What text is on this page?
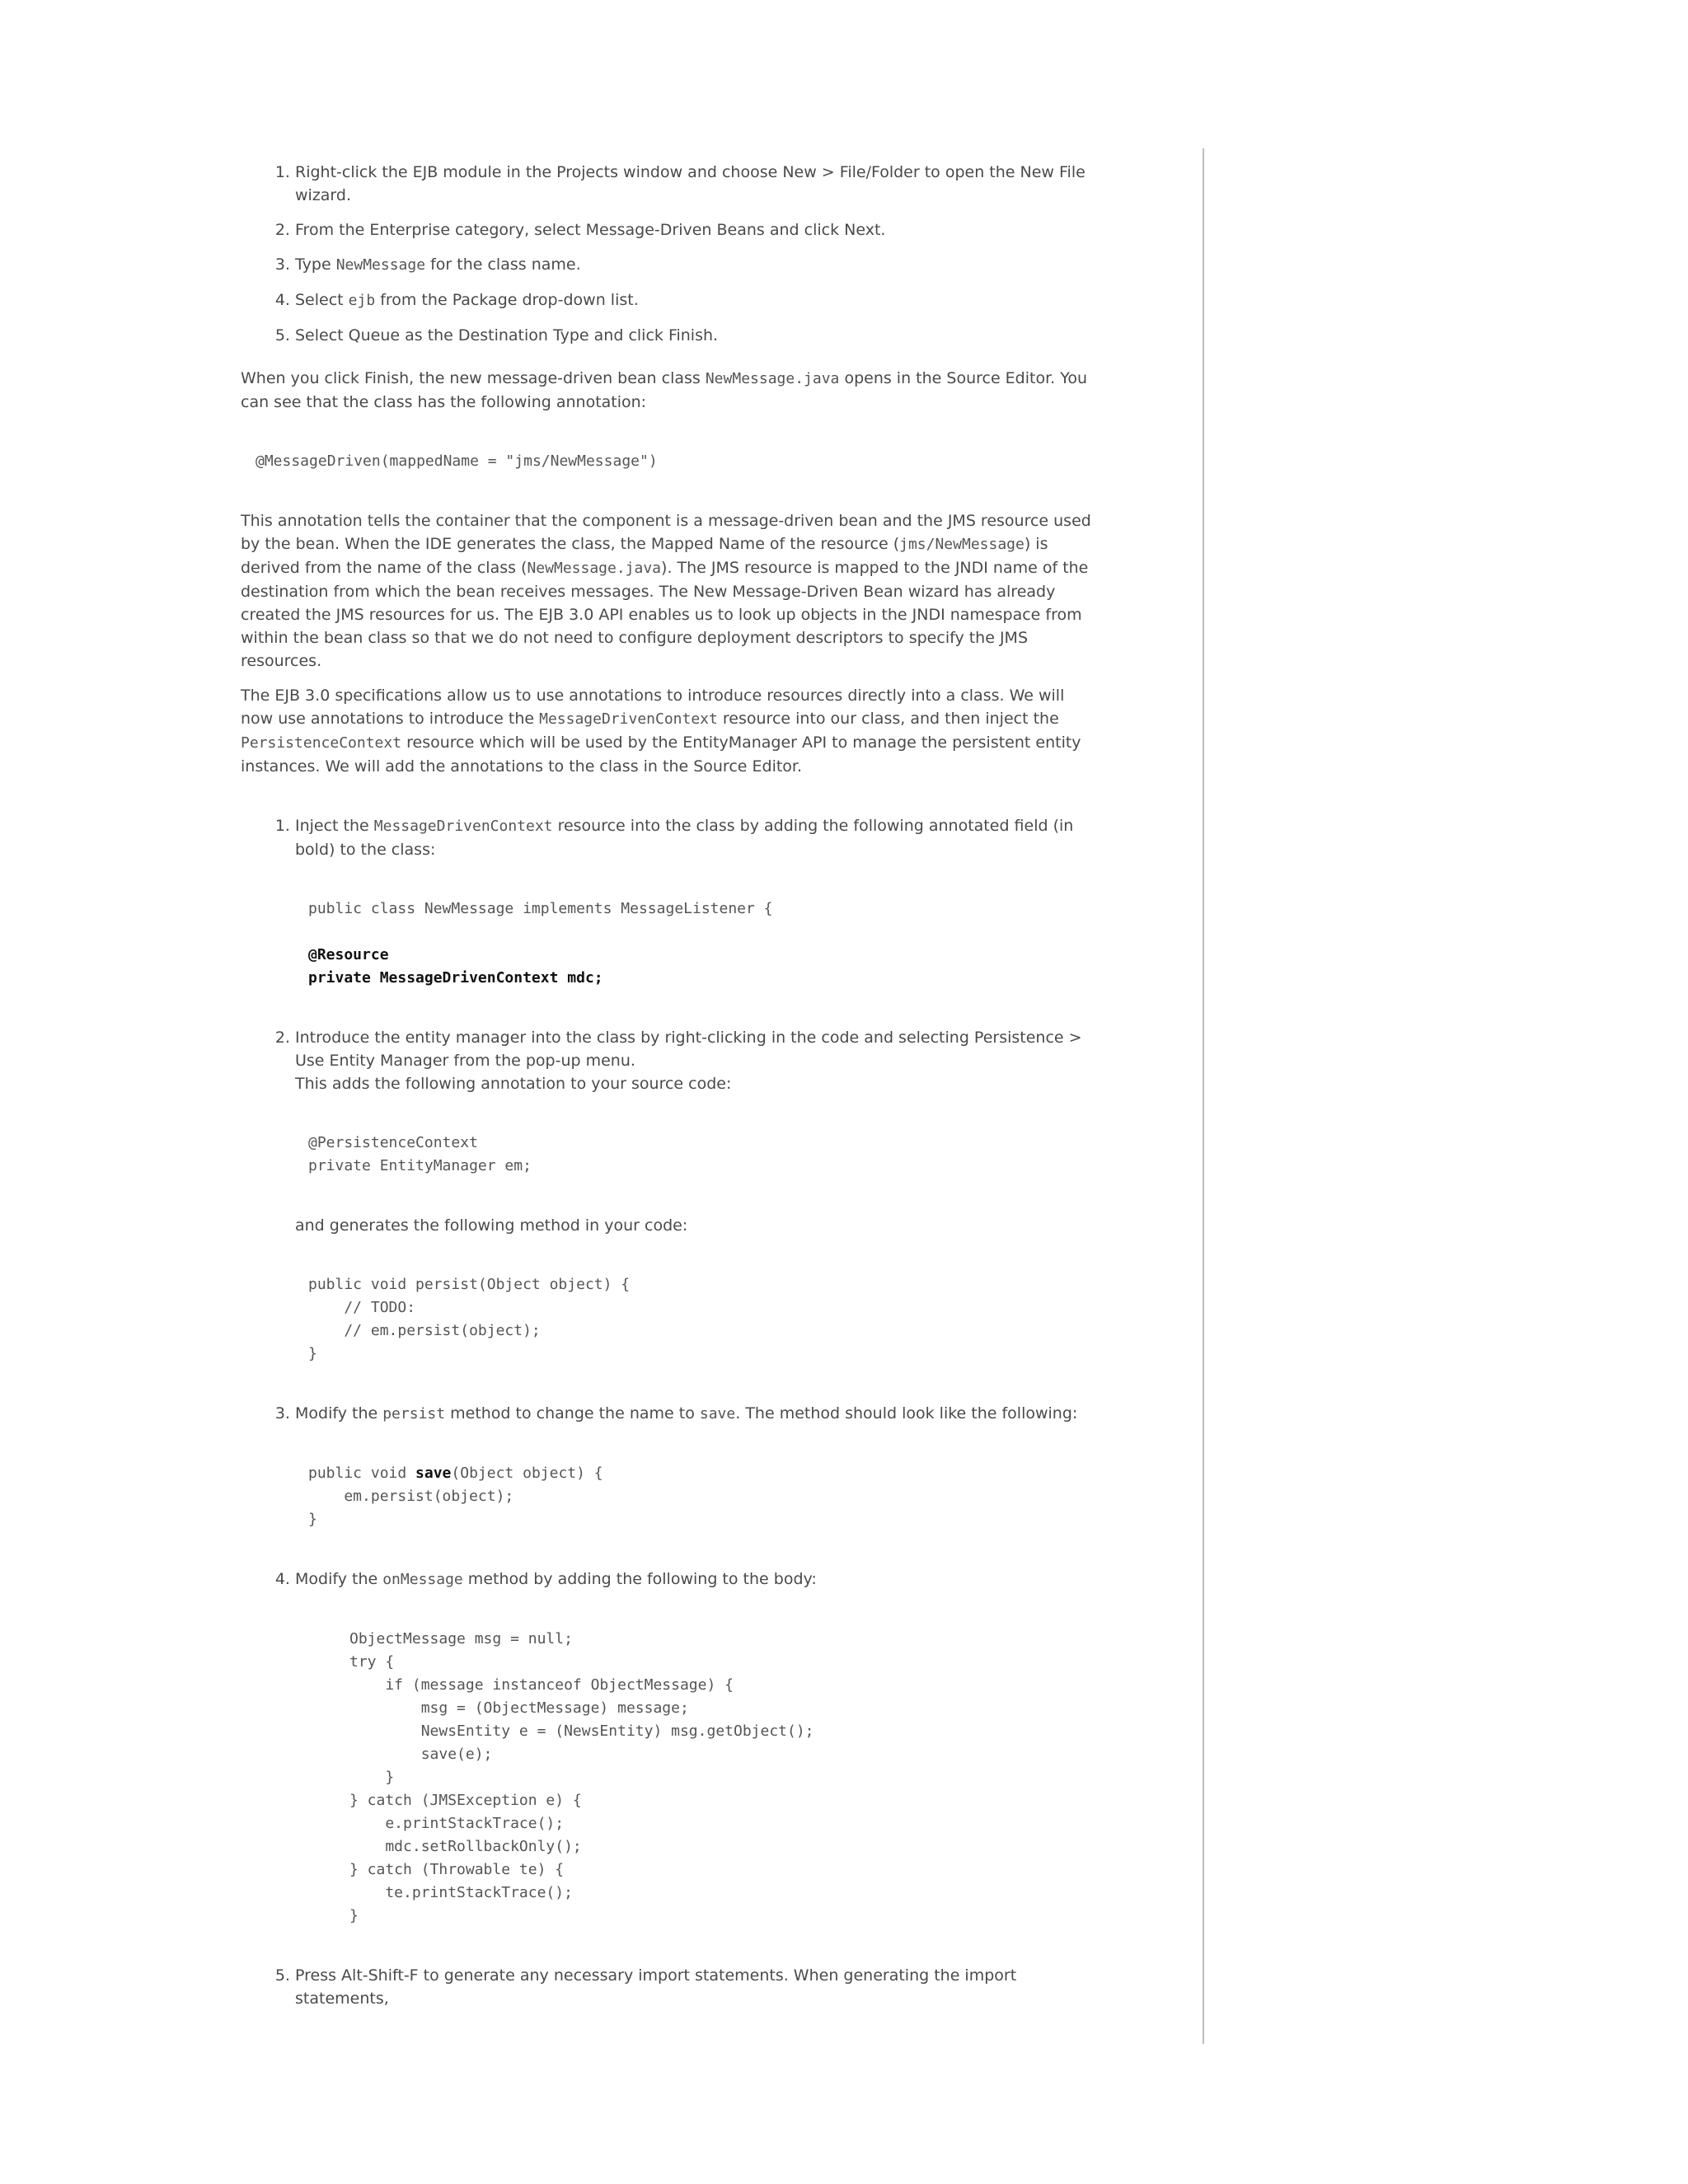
1. Right-click the EJB module in the Projects window and choose New > File/Folder to open the New File wizard.
2. From the Enterprise category, select Message-Driven Beans and click Next.
3. Type NewMessage for the class name.
4. Select ejb from the Package drop-down list.
5. Select Queue as the Destination Type and click Finish.

When you click Finish, the new message-driven bean class NewMessage.java opens in the Source Editor. You can see that the class has the following annotation:

@MessageDriven(mappedName = "jms/NewMessage")

This annotation tells the container that the component is a message-driven bean and the JMS resource used by the bean. When the IDE generates the class, the Mapped Name of the resource (jms/NewMessage) is derived from the name of the class (NewMessage.java). The JMS resource is mapped to the JNDI name of the destination from which the bean receives messages. The New Message-Driven Bean wizard has already created the JMS resources for us. The EJB 3.0 API enables us to look up objects in the JNDI namespace from within the bean class so that we do not need to configure deployment descriptors to specify the JMS resources.

The EJB 3.0 specifications allow us to use annotations to introduce resources directly into a class. We will now use annotations to introduce the MessageDrivenContext resource into our class, and then inject the PersistenceContext resource which will be used by the EntityManager API to manage the persistent entity instances. We will add the annotations to the class in the Source Editor.

1. Inject the MessageDrivenContext resource into the class by adding the following annotated field (in bold) to the class:
public class NewMessage implements MessageListener {
@Resource
private MessageDrivenContext mdc;
2. Introduce the entity manager into the class by right-clicking in the code and selecting Persistence > Use Entity Manager from the pop-up menu.
This adds the following annotation to your source code:
@PersistenceContext
private EntityManager em;
and generates the following method in your code:
public void persist(Object object) {
// TODO:
// em.persist(object);
}
3. Modify the persist method to change the name to save. The method should look like the following:
public void save(Object object) {
em.persist(object);
}
4. Modify the onMessage method by adding the following to the body:
ObjectMessage msg = null;
try {
if (message instanceof ObjectMessage) {
msg = (ObjectMessage) message;
NewsEntity e = (NewsEntity) msg.getObject();
save(e);
}
} catch (JMSException e) {
e.printStackTrace();
mdc.setRollbackOnly();
} catch (Throwable te) {
te.printStackTrace();
}
5. Press Alt-Shift-F to generate any necessary import statements. When generating the import statements,
